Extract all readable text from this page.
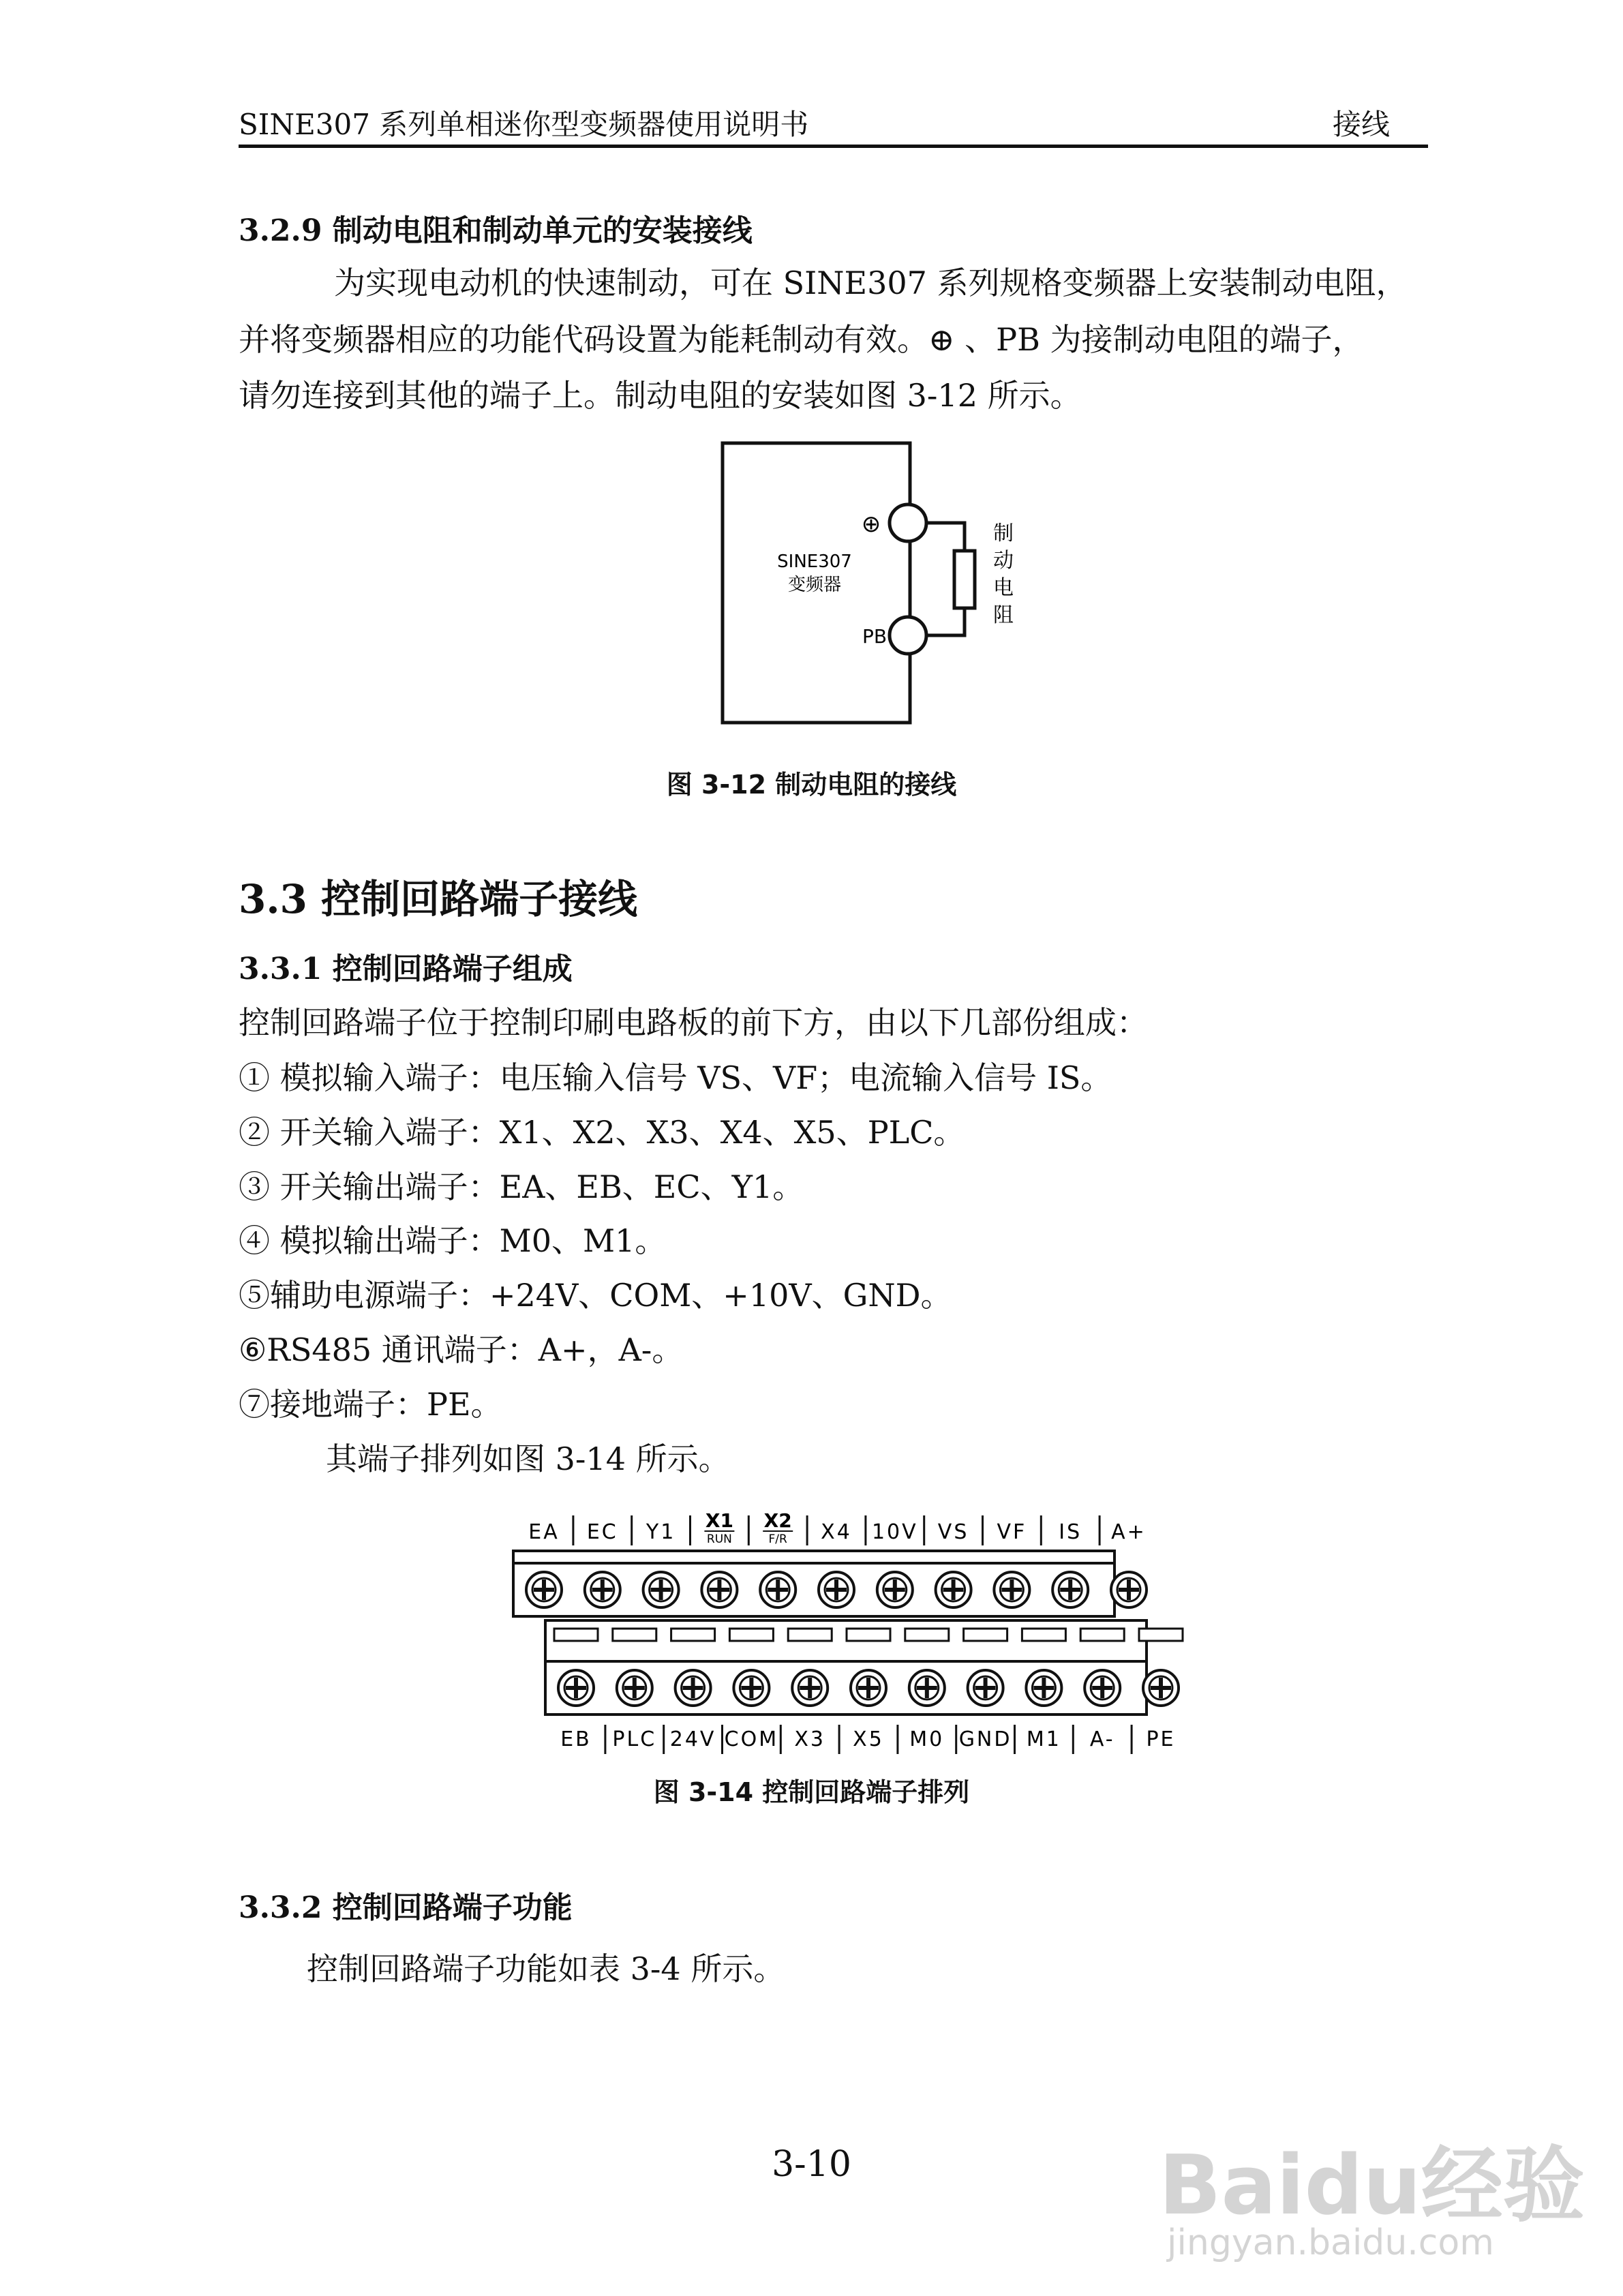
SINE307 系列单相迷你型变频器使用说明书	接线
3.2.9 制动电阻和制动单元的安装接线
为实现电动机的快速制动，可在 SINE307 系列规格变频器上安装制动电阻，
并将变频器相应的功能代码设置为能耗制动有效。⊕ 、PB 为接制动电阻的端子，
请勿连接到其他的端子上。制动电阻的安装如图 3-12 所示。
⊕
PB
SINE307
变频器
制
动
电
阻
图 3-12 制动电阻的接线
3.3 控制回路端子接线
3.3.1 控制回路端子组成
控制回路端子位于控制印刷电路板的前下方，由以下几部份组成：
① 模拟输入端子：电压输入信号 VS、VF；电流输入信号 IS。
② 开关输入端子：X1、X2、X3、X4、X5、PLC。
③ 开关输出端子：EA、EB、EC、Y1。
④ 模拟输出端子：M0、M1。
⑤辅助电源端子：+24V、COM、+10V、GND。
⑥RS485 通讯端子：A+，A-。
⑦接地端子：PE。
其端子排列如图 3-14 所示。
EA EC Y1 X1
RUN
X2
F/R X4 10V VS VF IS A+
EB PLC 24V COM X3 X5 M0 GND M1 A- PE
图 3-14 控制回路端子排列
3.3.2 控制回路端子功能
控制回路端子功能如表 3-4 所示。
3-10	Baidu经验
jingyan.baidu.com
